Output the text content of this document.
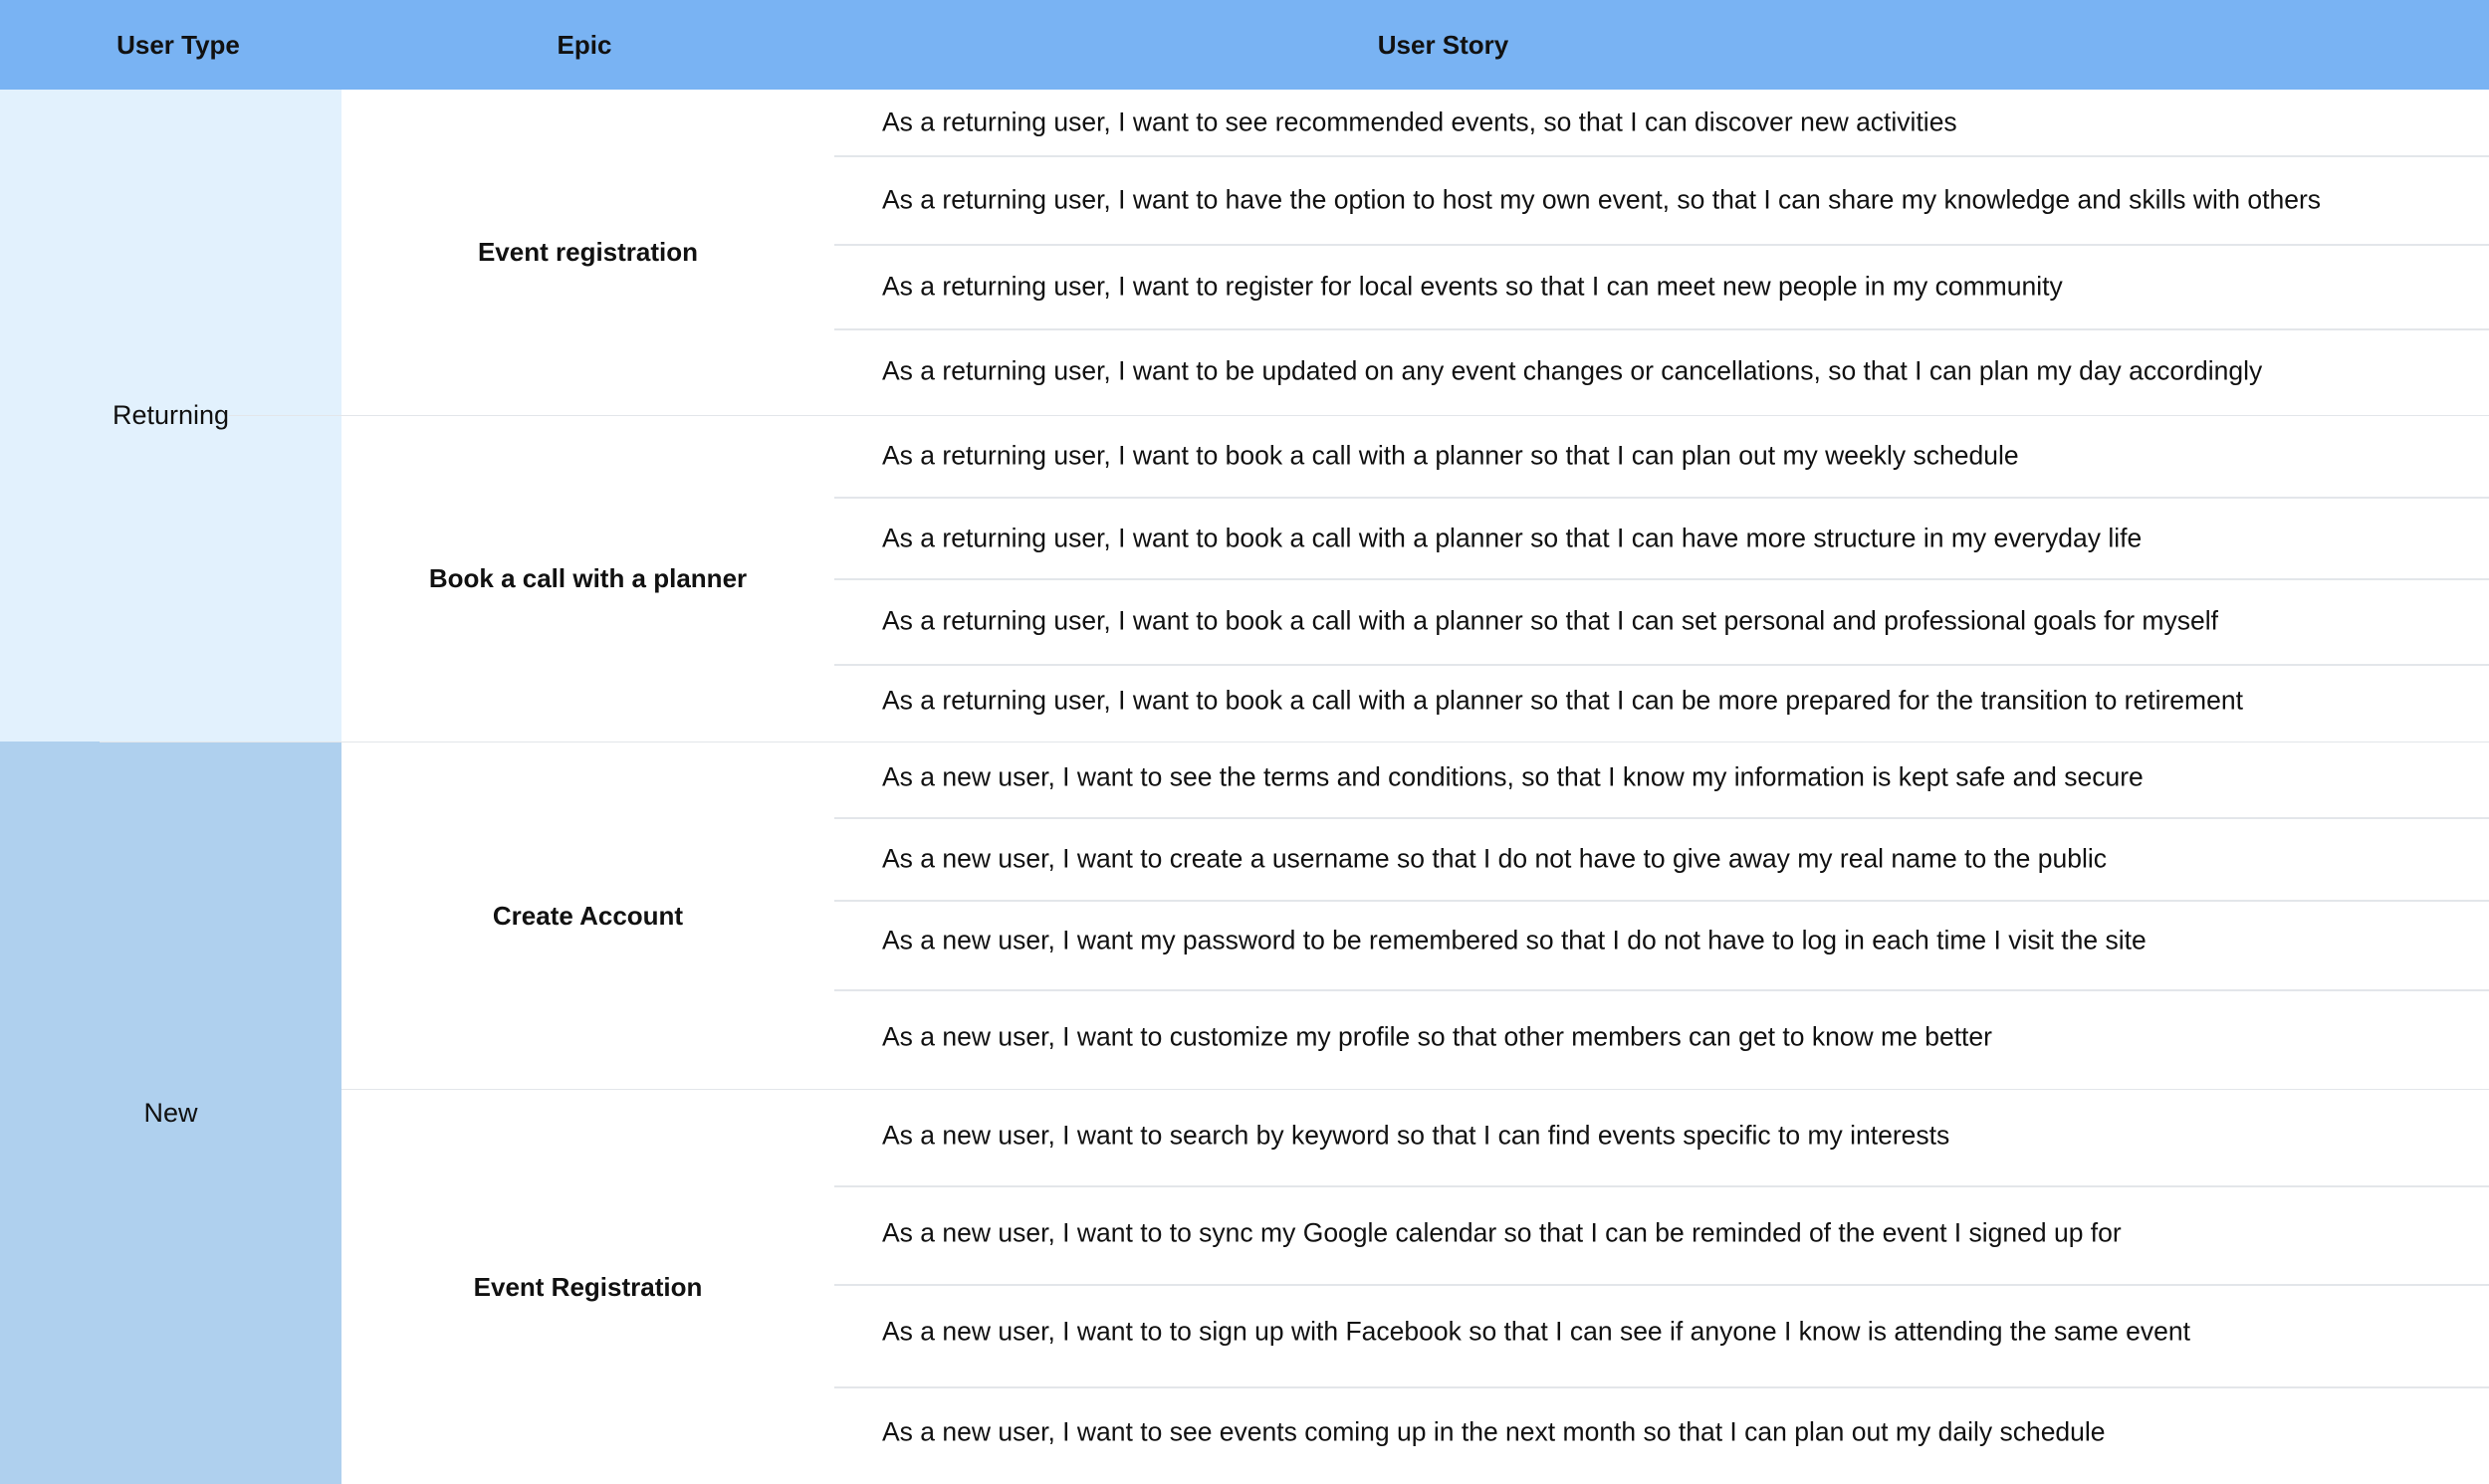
User Type	Epic	User Story
Returning
New
Event registration
Book a call with a planner
Create Account
Event Registration
As a returning user, I want to see recommended events, so that I can discover new activities
As a returning user, I want to have the option to host my own event, so that I can share my knowledge and skills with others
As a returning user, I want to register for local events so that I can meet new people in my community
As a returning user, I want to be updated on any event changes or cancellations, so that I can plan my day accordingly
As a returning user, I want to book a call with a planner so that I can plan out my weekly schedule
As a returning user, I want to book a call with a planner so that I can have more structure in my everyday life
As a returning user, I want to book a call with a planner so that I can set personal and professional goals for myself
As a returning user, I want to book a call with a planner so that I can be more prepared for the transition to retirement
As a new user, I want to see the terms and conditions, so that I know my information is kept safe and secure
As a new user, I want to create a username so that I do not have to give away my real name to the public
As a new user, I want my password to be remembered so that I do not have to log in each time I visit the site
As a new user, I want to customize my profile so that other members can get to know me better
As a new user, I want to search by keyword so that I can find events specific to my interests
As a new user, I want to to sync my Google calendar so that I can be reminded of the event I signed up for
As a new user, I want to to sign up with Facebook so that I can see if anyone I know is attending the same event
As a new user, I want to see events coming up in the next month so that I can plan out my daily schedule
